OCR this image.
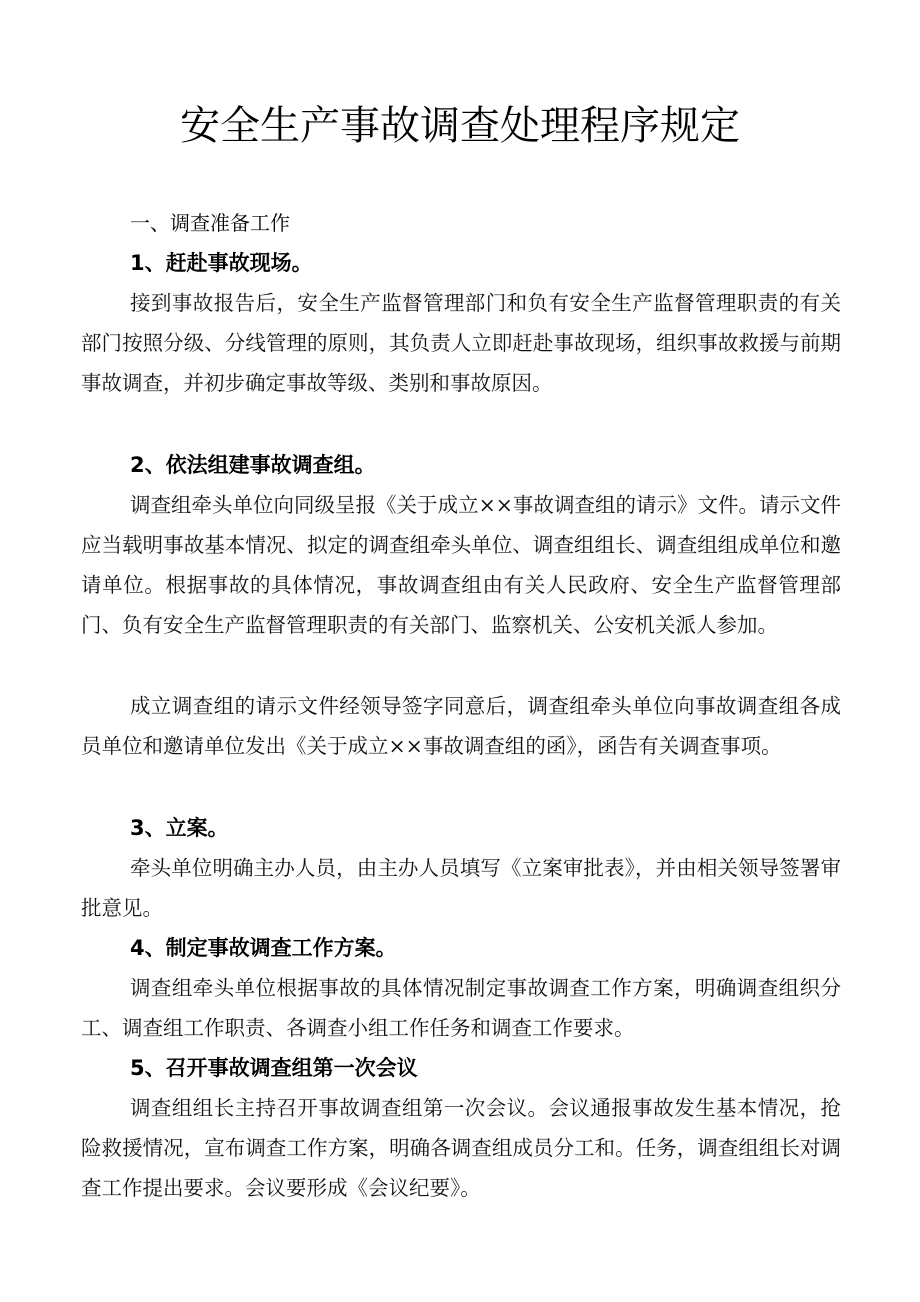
安全生产事故调查处理程序规定
一、调查准备工作
1、赶赴事故现场。

接到事故报告后，安全生产监督管理部门和负有安全生产监督管理职责的有关部门按照分级、分线管理的原则，其负责人立即赶赴事故现场，组织事故救援与前期事故调查，并初步确定事故等级、类别和事故原因。

2、依法组建事故调查组。

调查组牵头单位向同级呈报《关于成立××事故调查组的请示》文件。请示文件应当载明事故基本情况、拟定的调查组牵头单位、调查组组长、调查组组成单位和邀请单位。根据事故的具体情况，事故调查组由有关人民政府、安全生产监督管理部门、负有安全生产监督管理职责的有关部门、监察机关、公安机关派人参加。

成立调查组的请示文件经领导签字同意后，调查组牵头单位向事故调查组各成员单位和邀请单位发出《关于成立××事故调查组的函》，函告有关调查事项。

3、立案。

牵头单位明确主办人员，由主办人员填写《立案审批表》，并由相关领导签署审批意见。

4、制定事故调查工作方案。

调查组牵头单位根据事故的具体情况制定事故调查工作方案，明确调查组织分工、调查组工作职责、各调查小组工作任务和调查工作要求。

5、召开事故调查组第一次会议

调查组组长主持召开事故调查组第一次会议。会议通报事故发生基本情况，抢险救援情况，宣布调查工作方案，明确各调查组成员分工和。任务，调查组组长对调查工作提出要求。会议要形成《会议纪要》。
